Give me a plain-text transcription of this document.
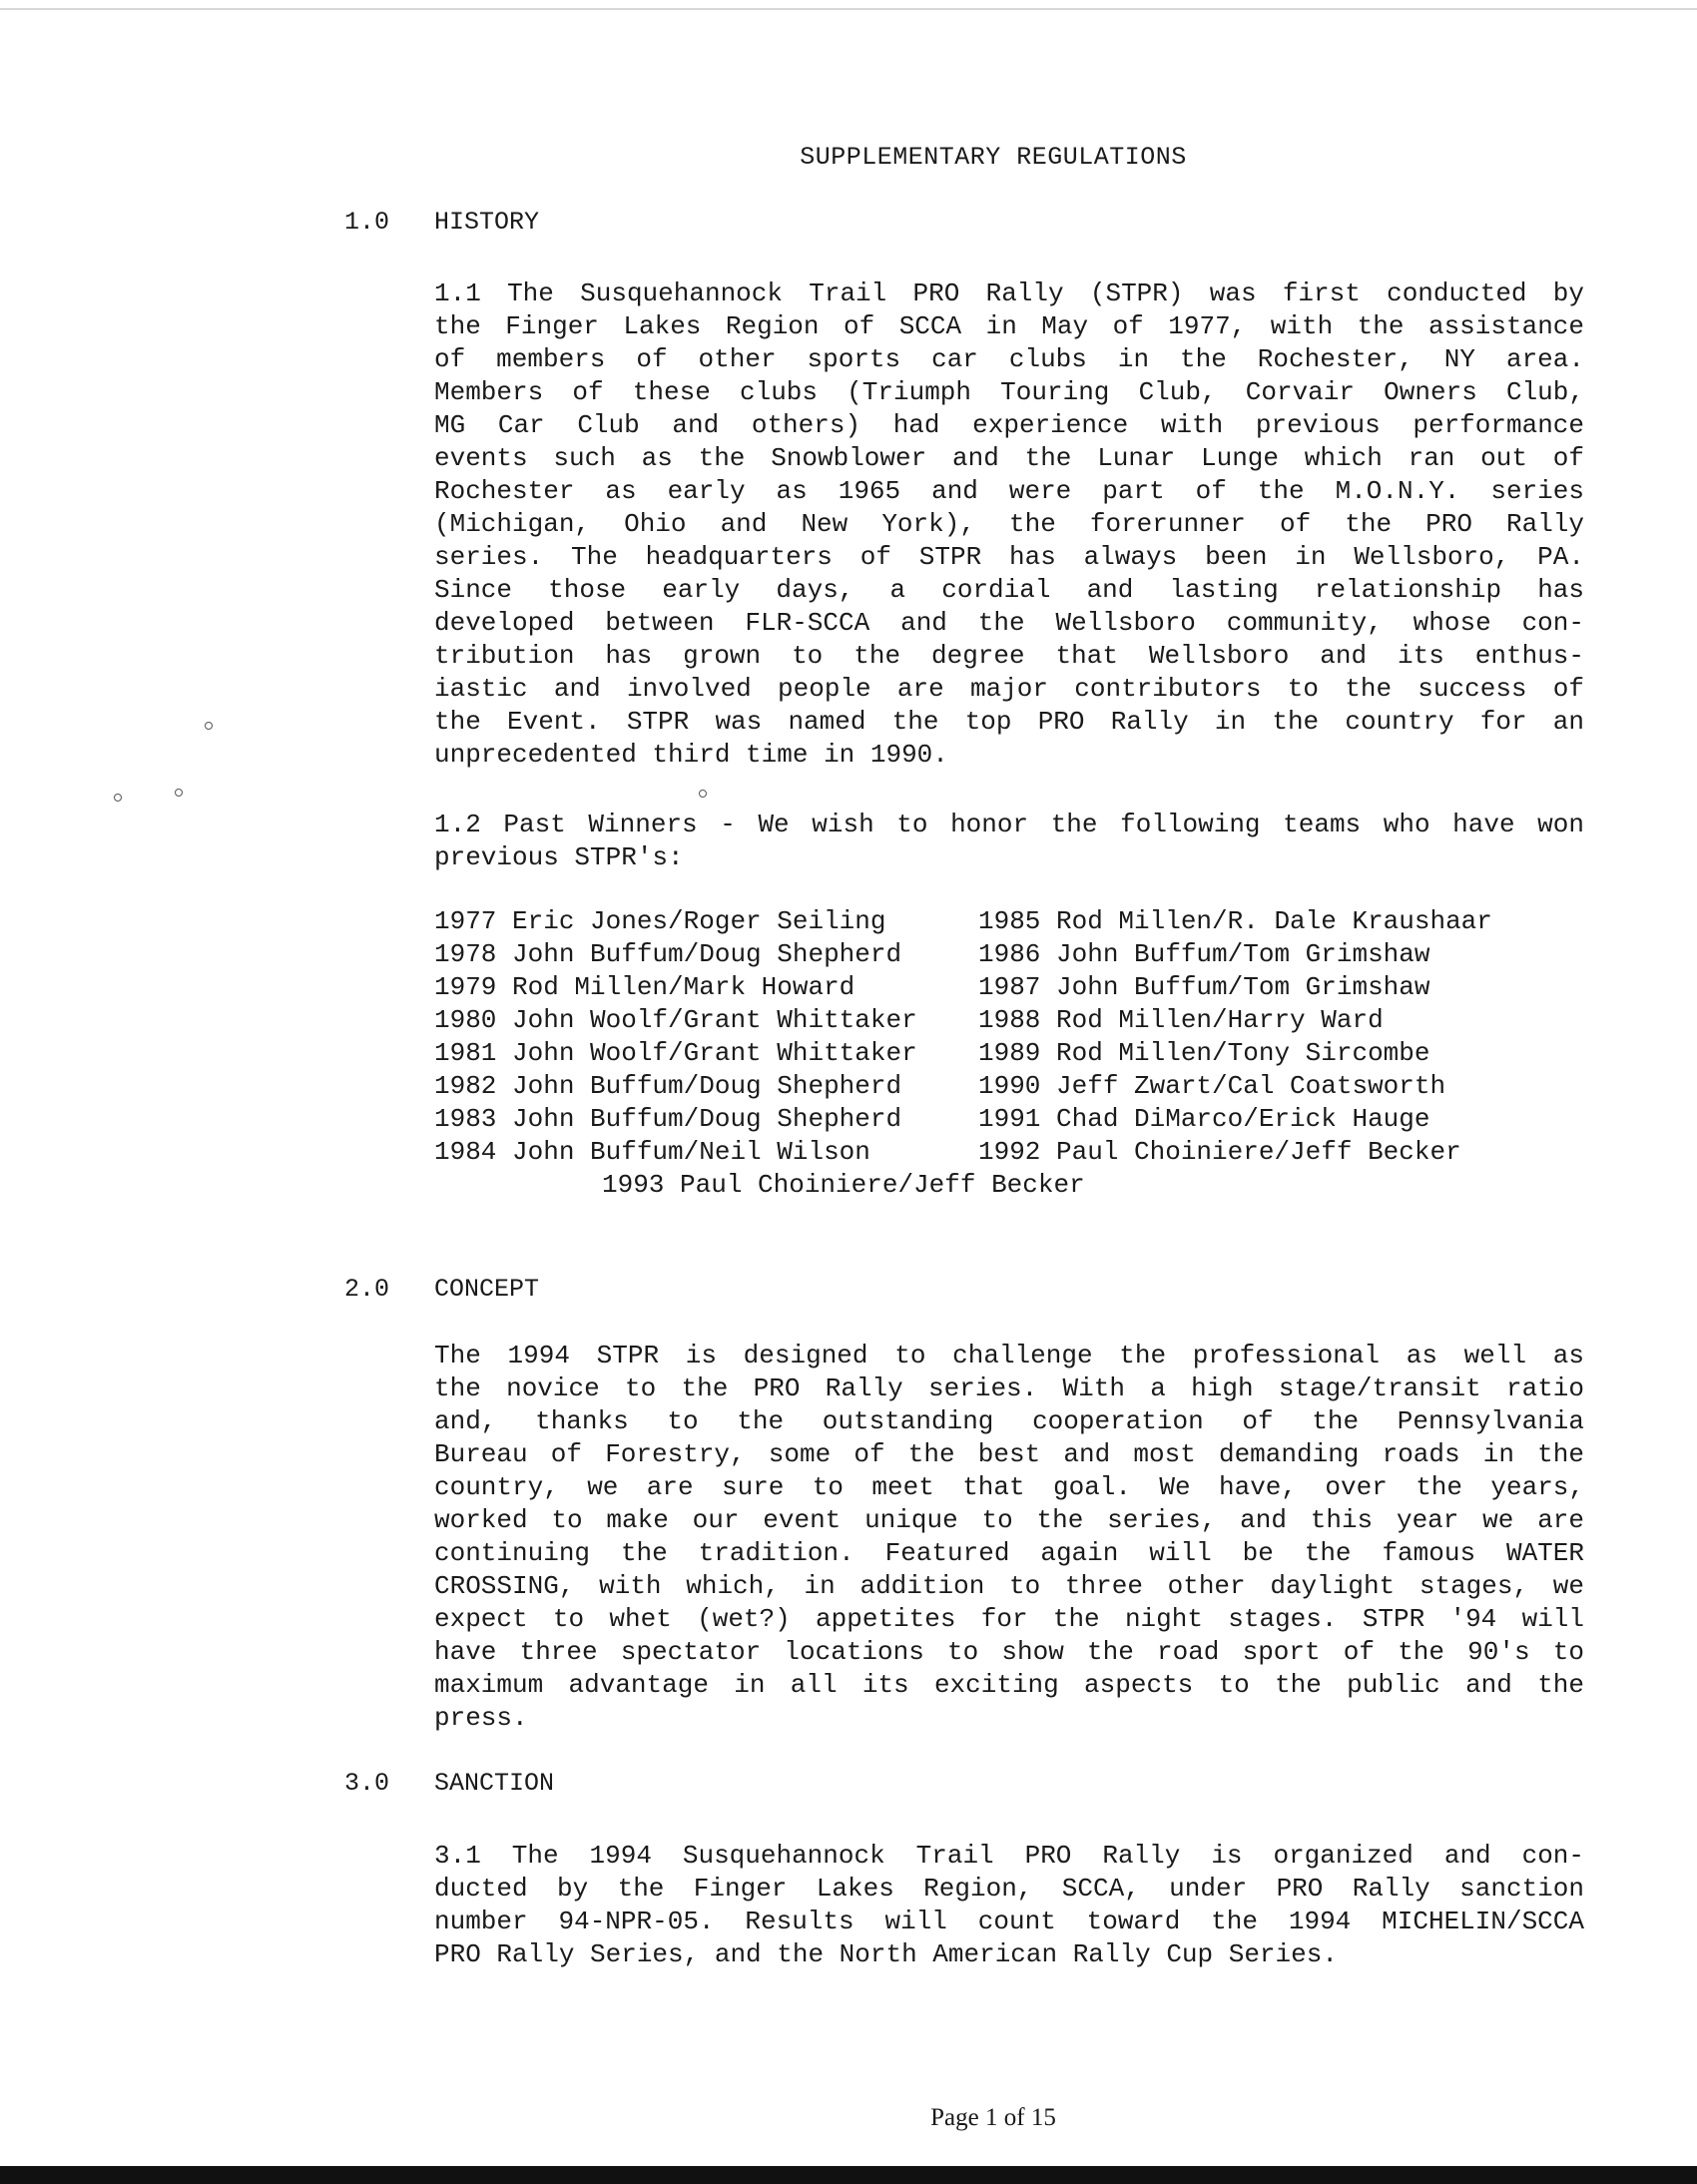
SUPPLEMENTARY REGULATIONS
1.0 HISTORY
1.1 The Susquehannock Trail PRO Rally (STPR) was first conducted by
the Finger Lakes Region of SCCA in May of 1977, with the assistance
of members of other sports car clubs in the Rochester, NY area.
Members of these clubs (Triumph Touring Club, Corvair Owners Club,
MG Car Club and others) had experience with previous performance
events such as the Snowblower and the Lunar Lunge which ran out of
Rochester as early as 1965 and were part of the M.O.N.Y. series
(Michigan, Ohio and New York), the forerunner of the PRO Rally
series. The headquarters of STPR has always been in Wellsboro, PA.
Since those early days, a cordial and lasting relationship has
developed between FLR-SCCA and the Wellsboro community, whose con-
tribution has grown to the degree that Wellsboro and its enthus-
iastic and involved people are major contributors to the success of
the Event. STPR was named the top PRO Rally in the country for an
unprecedented third time in 1990.
1.2 Past Winners - We wish to honor the following teams who have won
previous STPR's:
1977 Eric Jones/Roger Seiling	1985 Rod Millen/R. Dale Kraushaar
1978 John Buffum/Doug Shepherd	1986 John Buffum/Tom Grimshaw
1979 Rod Millen/Mark Howard	1987 John Buffum/Tom Grimshaw
1980 John Woolf/Grant Whittaker	1988 Rod Millen/Harry Ward
1981 John Woolf/Grant Whittaker	1989 Rod Millen/Tony Sircombe
1982 John Buffum/Doug Shepherd	1990 Jeff Zwart/Cal Coatsworth
1983 John Buffum/Doug Shepherd	1991 Chad DiMarco/Erick Hauge
1984 John Buffum/Neil Wilson	1992 Paul Choiniere/Jeff Becker
1993 Paul Choiniere/Jeff Becker
2.0 CONCEPT
The 1994 STPR is designed to challenge the professional as well as
the novice to the PRO Rally series. With a high stage/transit ratio
and, thanks to the outstanding cooperation of the Pennsylvania
Bureau of Forestry, some of the best and most demanding roads in the
country, we are sure to meet that goal. We have, over the years,
worked to make our event unique to the series, and this year we are
continuing the tradition. Featured again will be the famous WATER
CROSSING, with which, in addition to three other daylight stages, we
expect to whet (wet?) appetites for the night stages. STPR '94 will
have three spectator locations to show the road sport of the 90's to
maximum advantage in all its exciting aspects to the public and the
press.
3.0 SANCTION
3.1 The 1994 Susquehannock Trail PRO Rally is organized and con-
ducted by the Finger Lakes Region, SCCA, under PRO Rally sanction
number 94-NPR-05. Results will count toward the 1994 MICHELIN/SCCA
PRO Rally Series, and the North American Rally Cup Series.
Page 1 of 15
